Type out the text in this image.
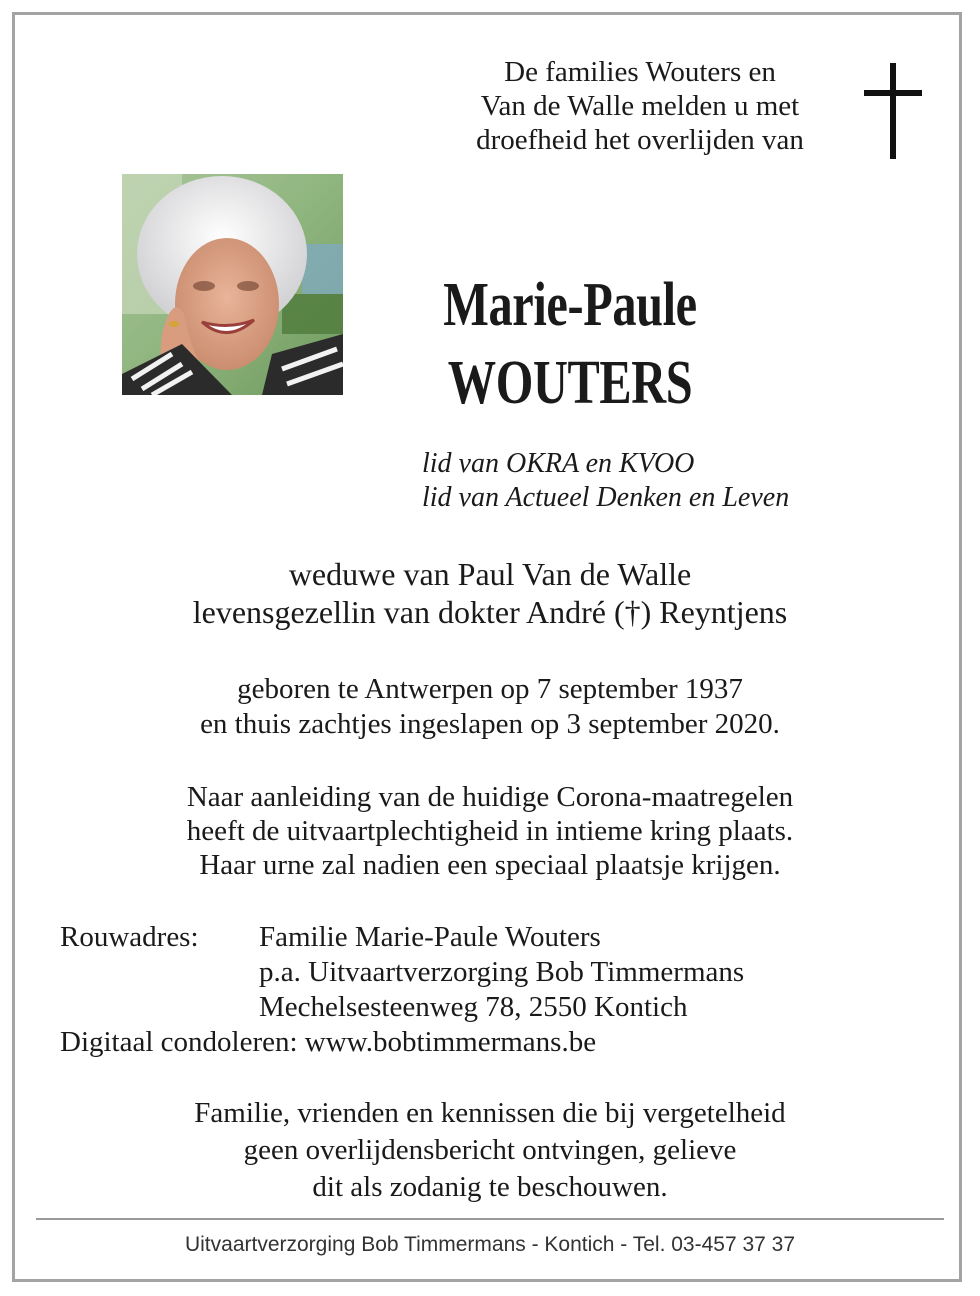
De families Wouters en
Van de Walle melden u met
droefheid het overlijden van
Marie-Paule
WOUTERS
lid van OKRA en KVOO
lid van Actueel Denken en Leven
weduwe van Paul Van de Walle
levensgezellin van dokter André (†) Reyntjens
geboren te Antwerpen op 7 september 1937
en thuis zachtjes ingeslapen op 3 september 2020.
Naar aanleiding van de huidige Corona-maatregelen
heeft de uitvaartplechtigheid in intieme kring plaats.
Haar urne zal nadien een speciaal plaatsje krijgen.
Rouwadres: Familie Marie-Paule Wouters
p.a. Uitvaartverzorging Bob Timmermans
Mechelsesteenweg 78, 2550 Kontich
Digitaal condoleren: www.bobtimmermans.be
Familie, vrienden en kennissen die bij vergetelheid
geen overlijdensbericht ontvingen, gelieve
dit als zodanig te beschouwen.
Uitvaartverzorging Bob Timmermans - Kontich - Tel. 03-457 37 37
